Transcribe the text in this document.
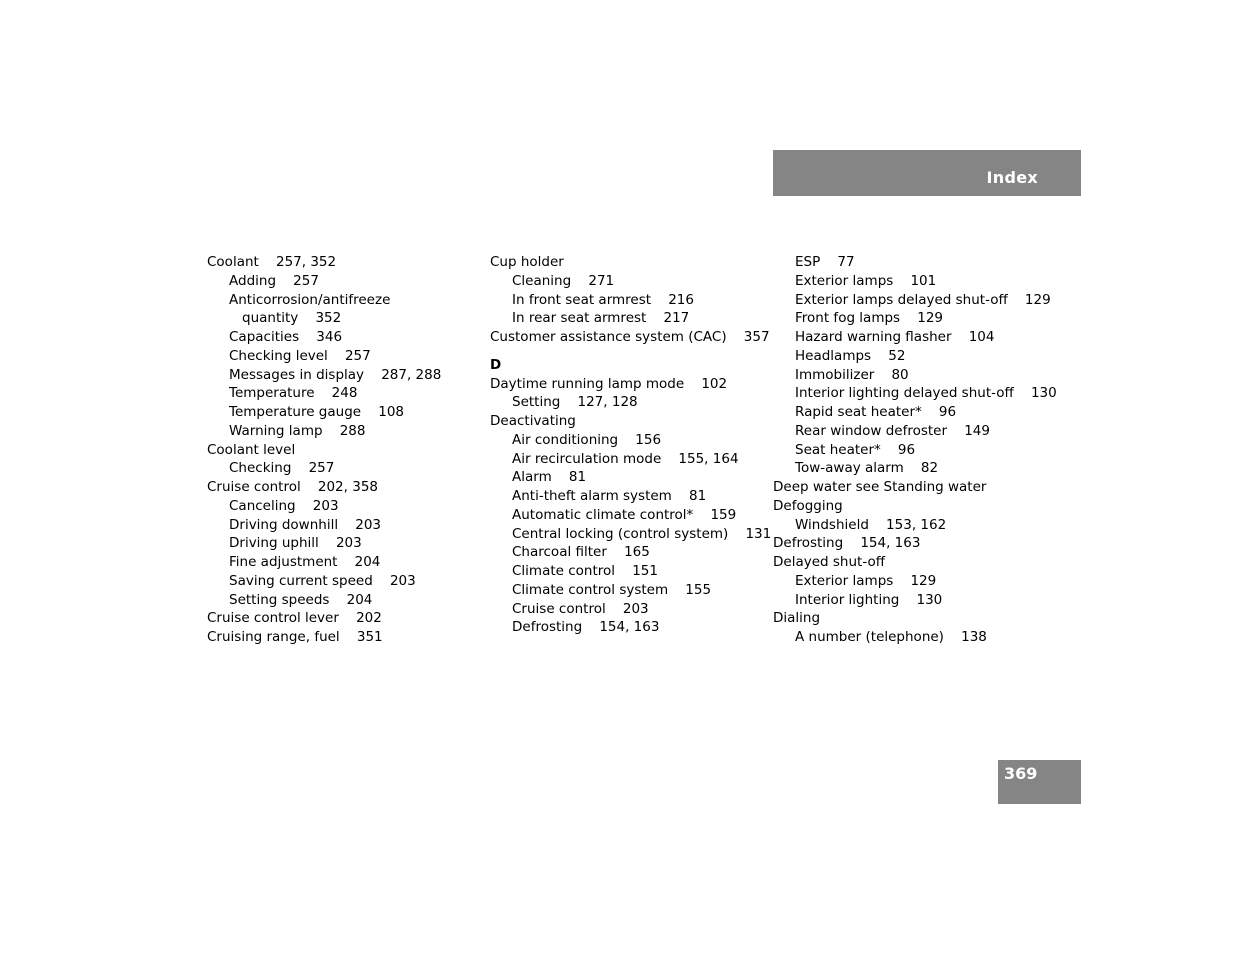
Index
Coolant    257, 352
Adding    257
Anticorrosion/antifreeze
quantity    352
Capacities    346
Checking level    257
Messages in display    287, 288
Temperature    248
Temperature gauge    108
Warning lamp    288
Coolant level
Checking    257
Cruise control    202, 358
Canceling    203
Driving downhill    203
Driving uphill    203
Fine adjustment    204
Saving current speed    203
Setting speeds    204
Cruise control lever    202
Cruising range, fuel    351
Cup holder
Cleaning    271
In front seat armrest    216
In rear seat armrest    217
Customer assistance system (CAC)    357
D
Daytime running lamp mode    102
Setting    127, 128
Deactivating
Air conditioning    156
Air recirculation mode    155, 164
Alarm    81
Anti-theft alarm system    81
Automatic climate control*    159
Central locking (control system)    131
Charcoal filter    165
Climate control    151
Climate control system    155
Cruise control    203
Defrosting    154, 163
ESP    77
Exterior lamps    101
Exterior lamps delayed shut-off    129
Front fog lamps    129
Hazard warning flasher    104
Headlamps    52
Immobilizer    80
Interior lighting delayed shut-off    130
Rapid seat heater*    96
Rear window defroster    149
Seat heater*    96
Tow-away alarm    82
Deep water see Standing water
Defogging
Windshield    153, 162
Defrosting    154, 163
Delayed shut-off
Exterior lamps    129
Interior lighting    130
Dialing
A number (telephone)    138
369
